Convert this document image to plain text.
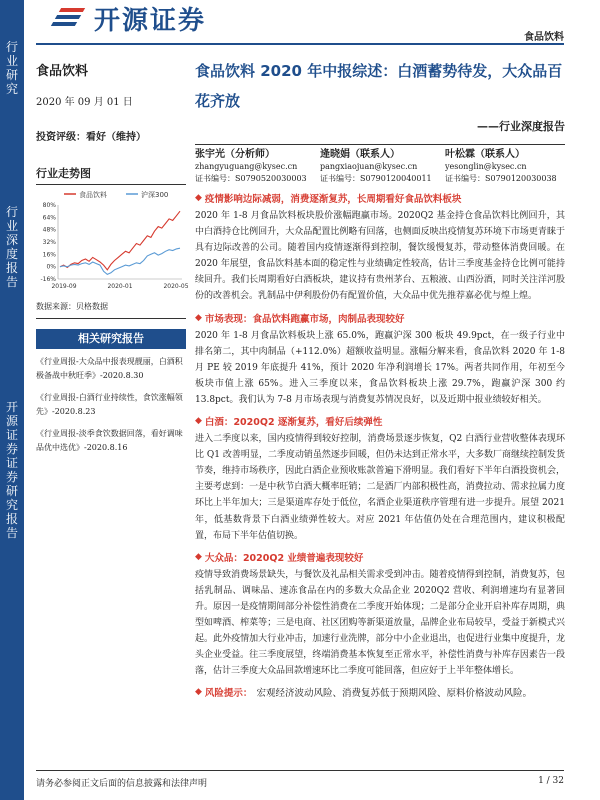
行业研究
行业深度报告
开源证券 证券研究报告
开源证券
食品饮料
食品饮料
2020 年 09 月 01 日
投资评级：看好（维持）
行业走势图
食品饮料	沪深300
-16%
0%
16%
32%
48%
64%
80%
2019-09	2020-01	2020-05
数据来源：贝格数据
相关研究报告
《行业周报-大众品中报表现靓丽，白酒积极备战中秋旺季》-2020.8.30
《行业周报-白酒行业持续性，食饮涨幅领先》-2020.8.23
《行业周报-淡季食饮数据回落，看好调味品优中选优》-2020.8.16
食品饮料 2020 年中报综述：白酒蓄势待发，大众品百花齐放
——行业深度报告
张宇光（分析师）
zhangyuguang@kysec.cn
证书编号：S0790520030003
逄晓娟（联系人）
pangxiaojuan@kysec.cn
证书编号：S0790120040011
叶松霖（联系人）
yesonglin@kysec.cn
证书编号：S0790120030038
◆ 疫情影响边际减弱，消费逐渐复苏，长周期看好食品饮料板块
2020 年 1-8 月食品饮料板块股价涨幅跑赢市场。2020Q2 基金持仓食品饮料比例回升，其中白酒持仓比例回升，大众品配置比例略有回落，也侧面反映出疫情复苏环境下市场更青睐于具有边际改善的公司。随着国内疫情逐渐得到控制，餐饮缓慢复苏，带动整体消费回暖。在 2020 年展望，食品饮料基本面的稳定性与业绩确定性较高，估计三季度基金持仓比例可能持续回升。我们长周期看好白酒板块，建议持有贵州茅台、五粮液、山西汾酒，同时关注洋河股份的改善机会。乳制品中伊利股份仍有配置价值，大众品中优先推荐嘉必优与煌上煌。
◆ 市场表现： 食品饮料跑赢市场，肉制品表现较好
2020 年 1-8 月食品饮料板块上涨 65.0%，跑赢沪深 300 板块 49.9pct，在一级子行业中排名第二，其中肉制品（+112.0%）超额收益明显。涨幅分解来看，食品饮料 2020 年 1-8 月 PE 较 2019 年底提升 41%，预计 2020 年净利润增长 17%。两者共同作用，年初至今板块市值上涨 65%。进入三季度以来，食品饮料板块上涨 29.7%，跑赢沪深 300 约 13.8pct。我们认为 7-8 月市场表现与消费复苏情况良好，以及近期中报业绩较好相关。
◆ 白酒： 2020Q2 逐渐复苏，看好后续弹性
进入二季度以来，国内疫情得到较好控制，消费场景逐步恢复，Q2 白酒行业营收整体表现环比 Q1 改善明显，二季度动销虽然逐步回暖，但仍未达到正常水平，大多数厂商继续控制发货节奏，维持市场秩序，因此白酒企业预收账款普遍下滑明显。我们看好下半年白酒投资机会，主要考虑到：一是中秋节白酒大概率旺销；二是酒厂内部积极性高，消费拉动、需求拉属力度环比上半年加大；三是渠道库存处于低位，名酒企业渠道秩序管理有进一步提升。展望 2021 年，低基数背景下白酒业绩弹性较大。对应 2021 年估值仍处在合理范围内，建议积极配置，布局下半年估值切换。
◆ 大众品： 2020Q2 业绩普遍表现较好
疫情导致消费场景缺失，与餐饮及礼品相关需求受到冲击。随着疫情得到控制，消费复苏，包括乳制品、调味品、速冻食品在内的多数大众品企业 2020Q2 营收、利润增速均有显著回升。原因一是疫情期间部分补偿性消费在二季度开始体现；二是部分企业开启补库存周期，典型如啤酒、榨菜等；三是电商、社区团购等新渠道放量，品牌企业布局较早，受益于新模式兴起。此外疫情加大行业冲击，加速行业洗牌，部分中小企业退出，也促进行业集中度提升，龙头企业受益。往三季度展望，终端消费基本恢复至正常水平，补偿性消费与补库存因素告一段落，估计三季度大众品回款增速环比二季度可能回落，但应好于上半年整体增长。
◆ 风险提示： 宏观经济波动风险、消费复苏低于预期风险、原料价格波动风险。
请务必参阅正文后面的信息披露和法律声明	1 / 32
